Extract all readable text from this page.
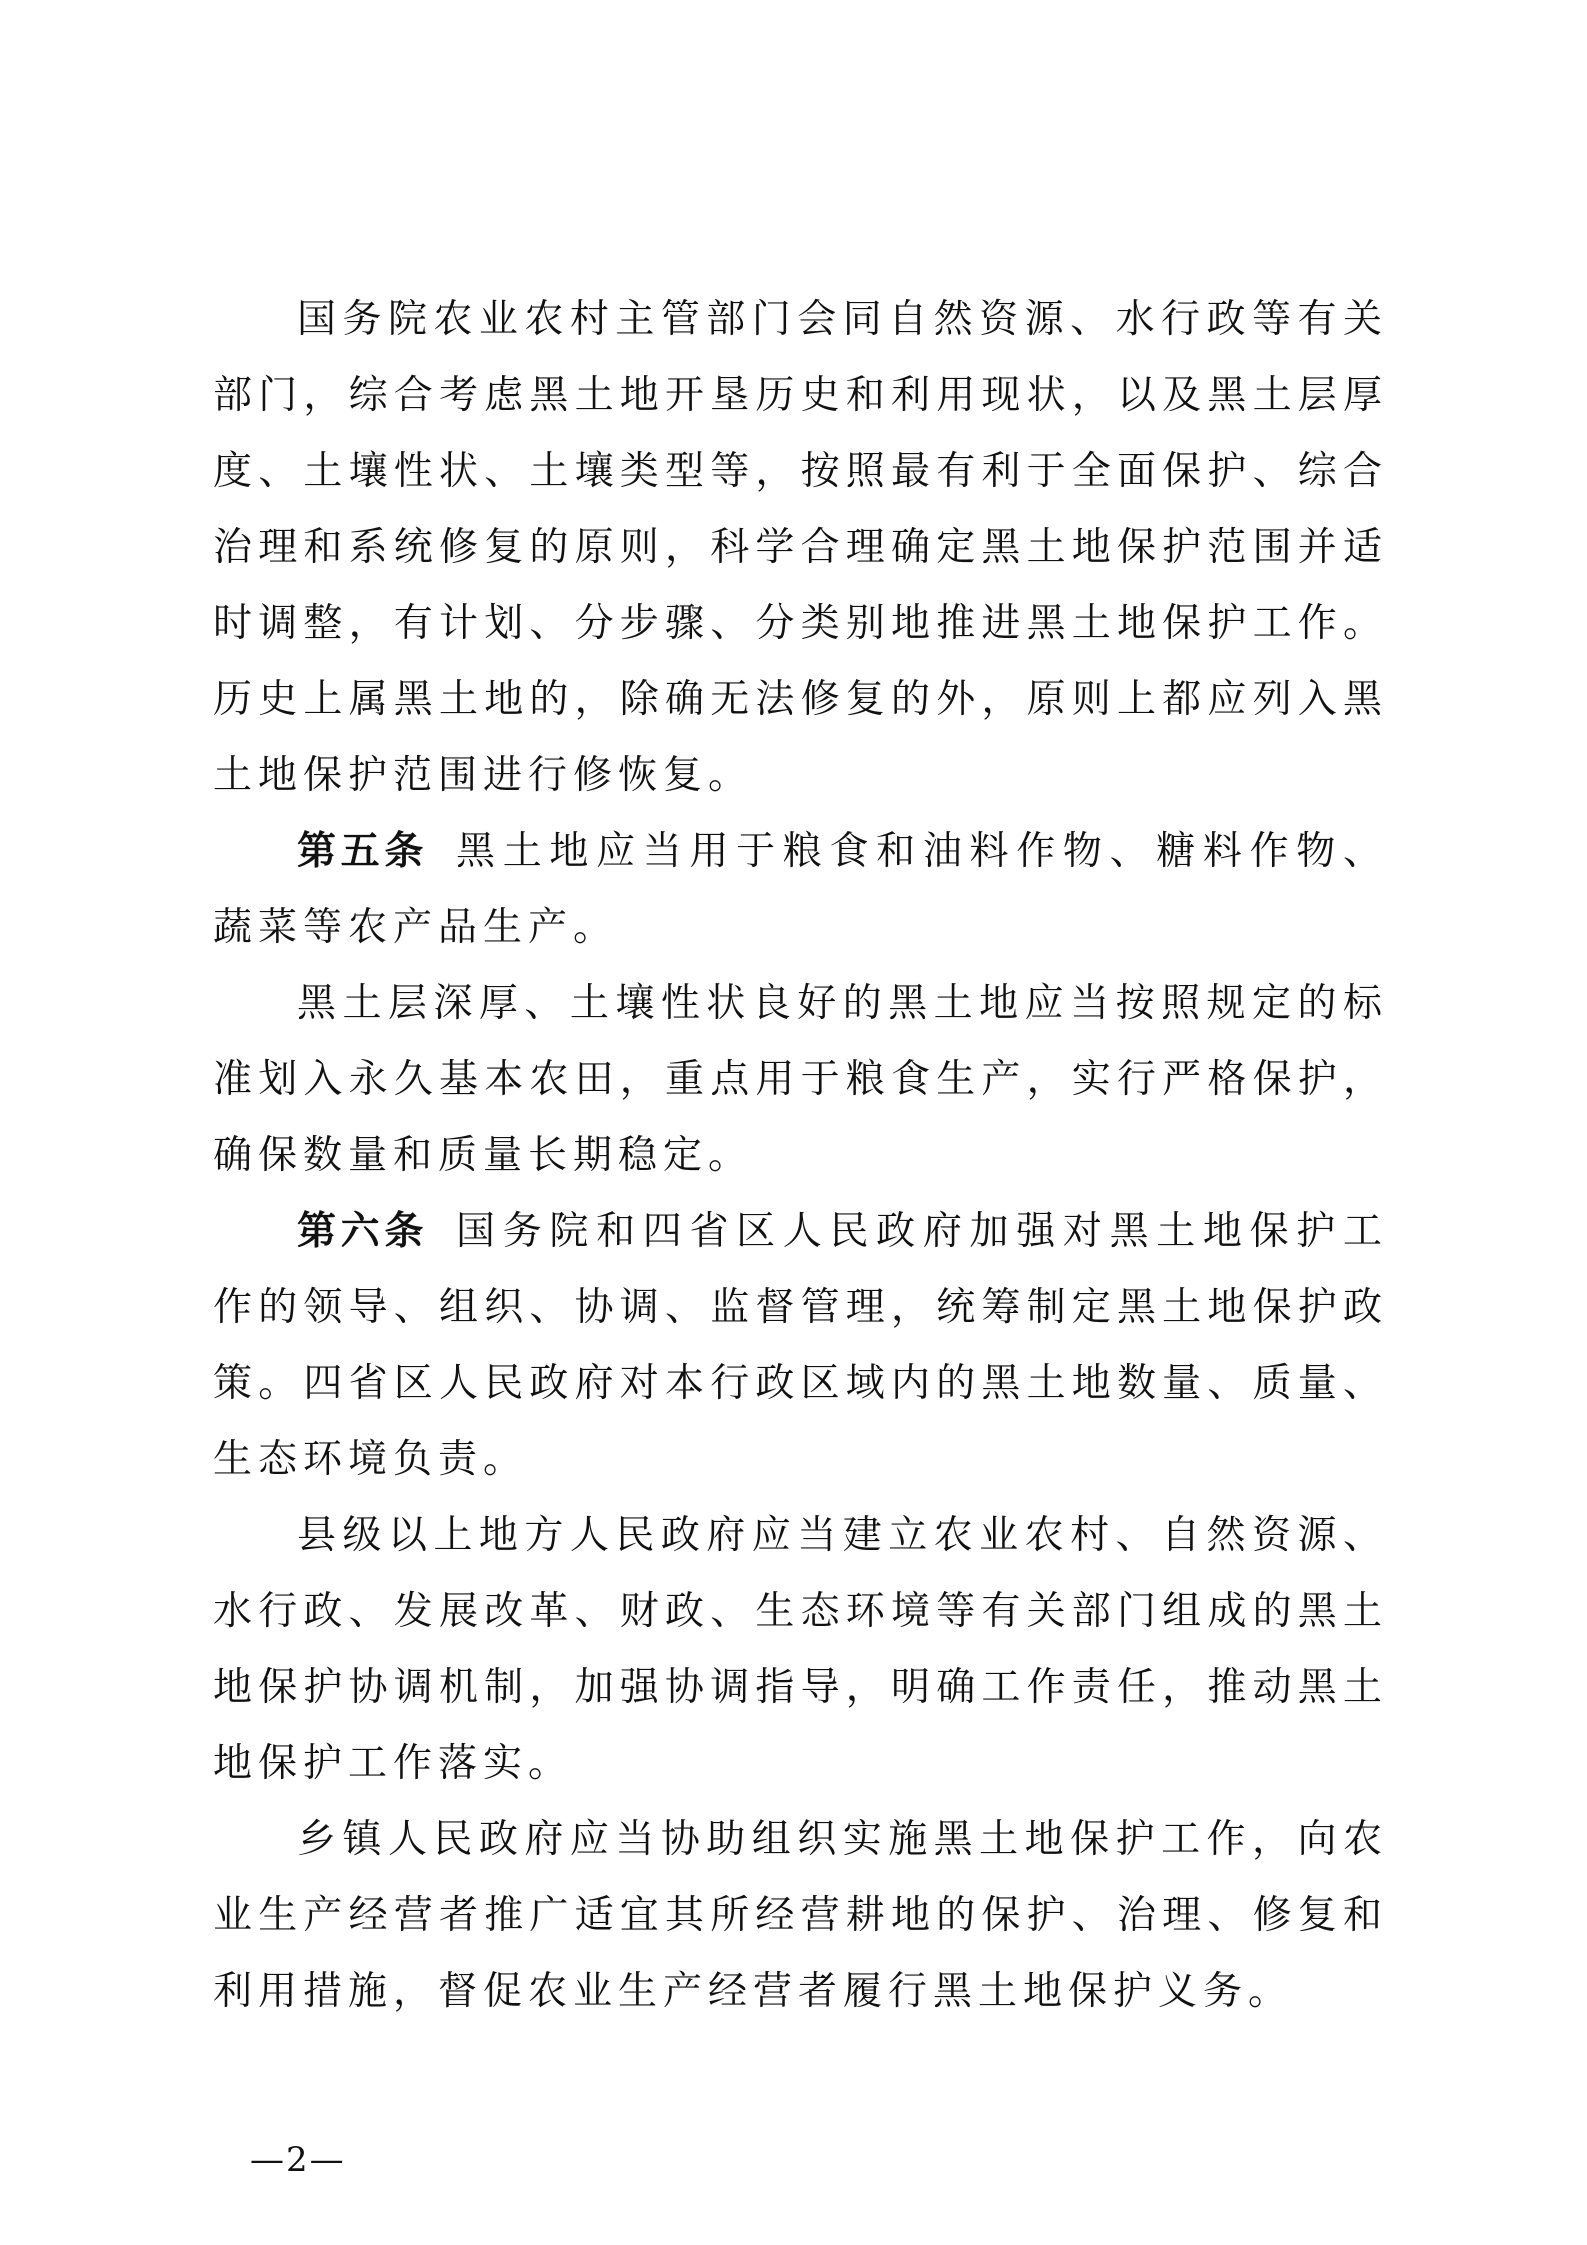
国务院农业农村主管部门会同自然资源、水行政等有关部门，综合考虑黑土地开垦历史和利用现状，以及黑土层厚度、土壤性状、土壤类型等，按照最有利于全面保护、综合治理和系统修复的原则，科学合理确定黑土地保护范围并适时调整，有计划、分步骤、分类别地推进黑土地保护工作。历史上属黑土地的，除确无法修复的外，原则上都应列入黑土地保护范围进行修恢复。

第五条 黑土地应当用于粮食和油料作物、糖料作物、蔬菜等农产品生产。

黑土层深厚、土壤性状良好的黑土地应当按照规定的标准划入永久基本农田，重点用于粮食生产，实行严格保护，确保数量和质量长期稳定。

第六条 国务院和四省区人民政府加强对黑土地保护工作的领导、组织、协调、监督管理，统筹制定黑土地保护政策。四省区人民政府对本行政区域内的黑土地数量、质量、生态环境负责。

县级以上地方人民政府应当建立农业农村、自然资源、水行政、发展改革、财政、生态环境等有关部门组成的黑土地保护协调机制，加强协调指导，明确工作责任，推动黑土地保护工作落实。

乡镇人民政府应当协助组织实施黑土地保护工作，向农业生产经营者推广适宜其所经营耕地的保护、治理、修复和利用措施，督促农业生产经营者履行黑土地保护义务。

—2—
